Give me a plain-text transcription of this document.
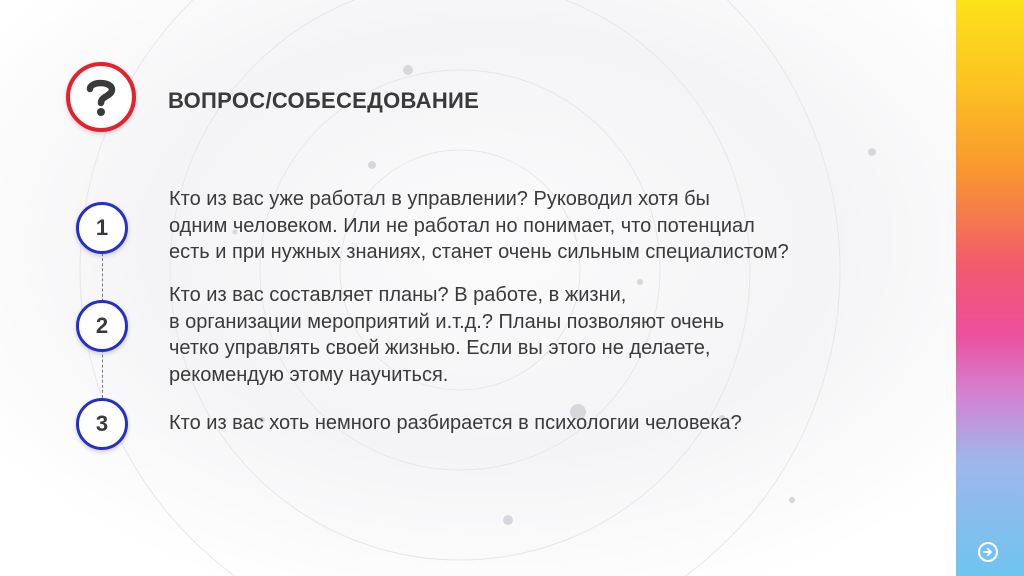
ВОПРОС/СОБЕСЕДОВАНИЕ
1

Кто из вас уже работал в управлении? Руководил хотя бы
одним человеком. Или не работал но понимает, что потенциал
есть и при нужных знаниях, станет очень сильным специалистом?

2

Кто из вас составляет планы? В работе, в жизни,
в организации мероприятий и.т.д.? Планы позволяют очень
четко управлять своей жизнью. Если вы этого не делаете,
рекомендую этому научиться.

3	Кто из вас хоть немного разбирается в психологии человека?
